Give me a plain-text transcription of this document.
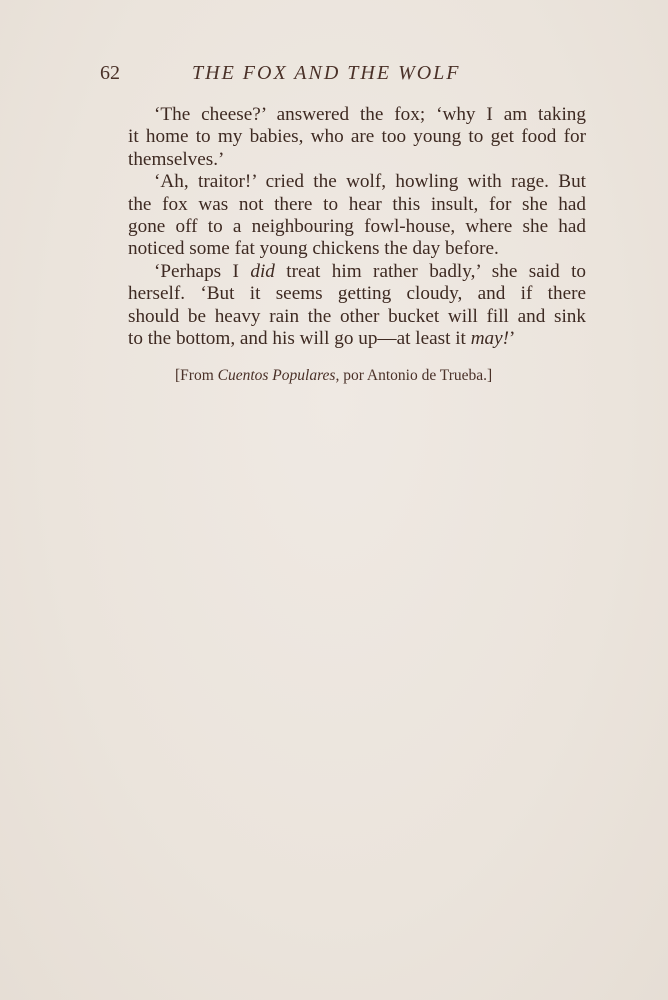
62	THE FOX AND THE WOLF
‘The cheese?’ answered the fox; ‘why I am taking
it home to my babies, who are too young to get food for
themselves.’
‘Ah, traitor!’ cried the wolf, howling with rage. But
the fox was not there to hear this insult, for she had
gone off to a neighbouring fowl-house, where she had
noticed some fat young chickens the day before.
‘Perhaps I did treat him rather badly,’ she said to
herself. ‘But it seems getting cloudy, and if there
should be heavy rain the other bucket will fill and sink
to the bottom, and his will go up—at least it may!’
[From Cuentos Populares, por Antonio de Trueba.]
